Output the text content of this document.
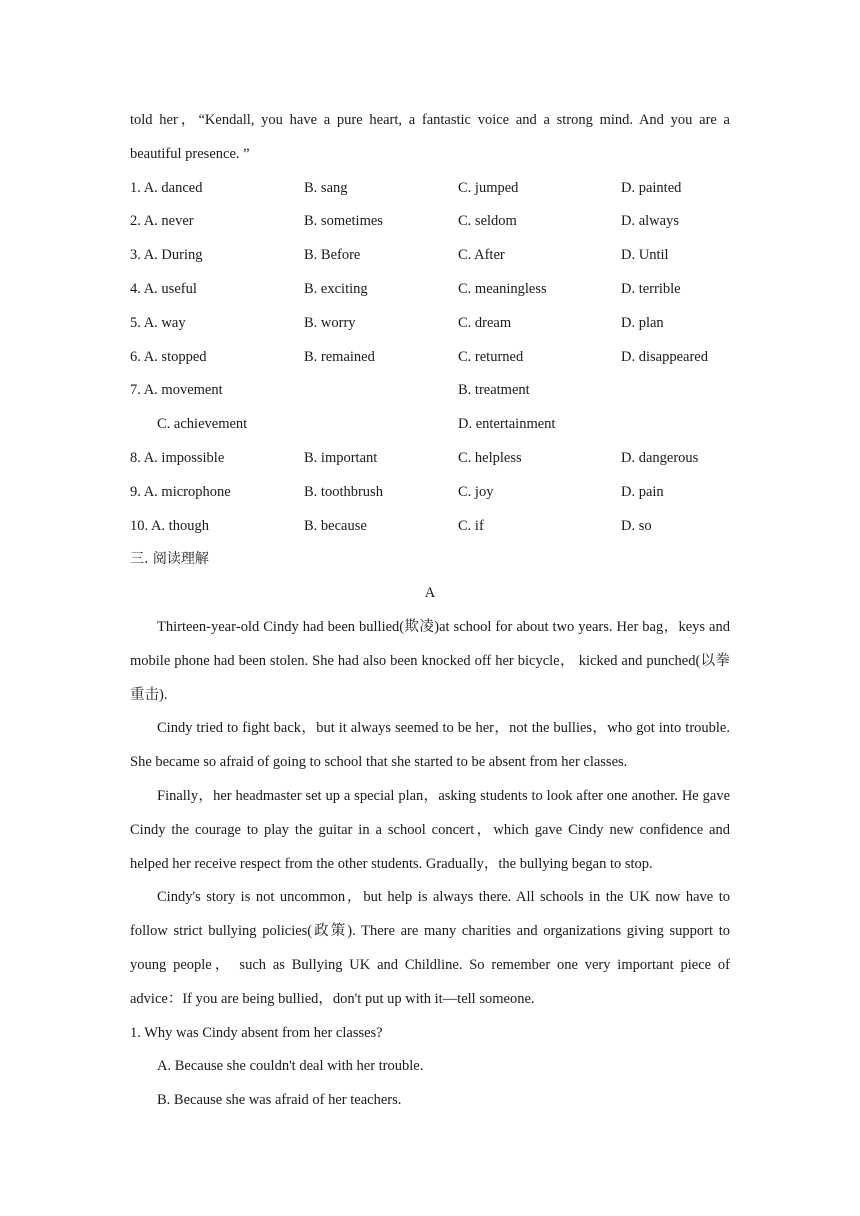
told her，“Kendall, you have a pure heart, a fantastic voice and a strong mind. And you are a
beautiful presence. ”
1. A. danced	B. sang	C. jumped	D. painted
2. A. never	B. sometimes	C. seldom	D. always
3. A. During	B. Before	C. After	D. Until
4. A. useful	B. exciting	C. meaningless	D. terrible
5. A. way	B. worry	C. dream	D. plan
6. A. stopped	B. remained	C. returned	D. disappeared
7. A. movement	B. treatment
C. achievement	D. entertainment
8. A. impossible	B. important	C. helpless	D. dangerous
9. A. microphone	B. toothbrush	C. joy	D. pain
10. A. though	B. because	C. if	D. so
三. 阅读理解
A

Thirteen‐year‐old Cindy had been bullied(欺凌)at school for about two years. Her bag，keys and mobile phone had been stolen. She had also been knocked off her bicycle， kicked and punched(以拳重击).

Cindy tried to fight back，but it always seemed to be her，not the bullies，who got into trouble. She became so afraid of going to school that she started to be absent from her classes.

Finally，her headmaster set up a special plan，asking students to look after one another. He gave Cindy the courage to play the guitar in a school concert，which gave Cindy new confidence and helped her receive respect from the other students. Gradually，the bullying began to stop.

Cindy's story is not uncommon，but help is always there. All schools in the UK now have to follow strict bullying policies(政策). There are many charities and organizations giving support to young people， such as Bullying UK and Childline. So remember one very important piece of advice：If you are being bullied，don't put up with it—tell someone.

1. Why was Cindy absent from her classes?
A. Because she couldn't deal with her trouble.
B. Because she was afraid of her teachers.
